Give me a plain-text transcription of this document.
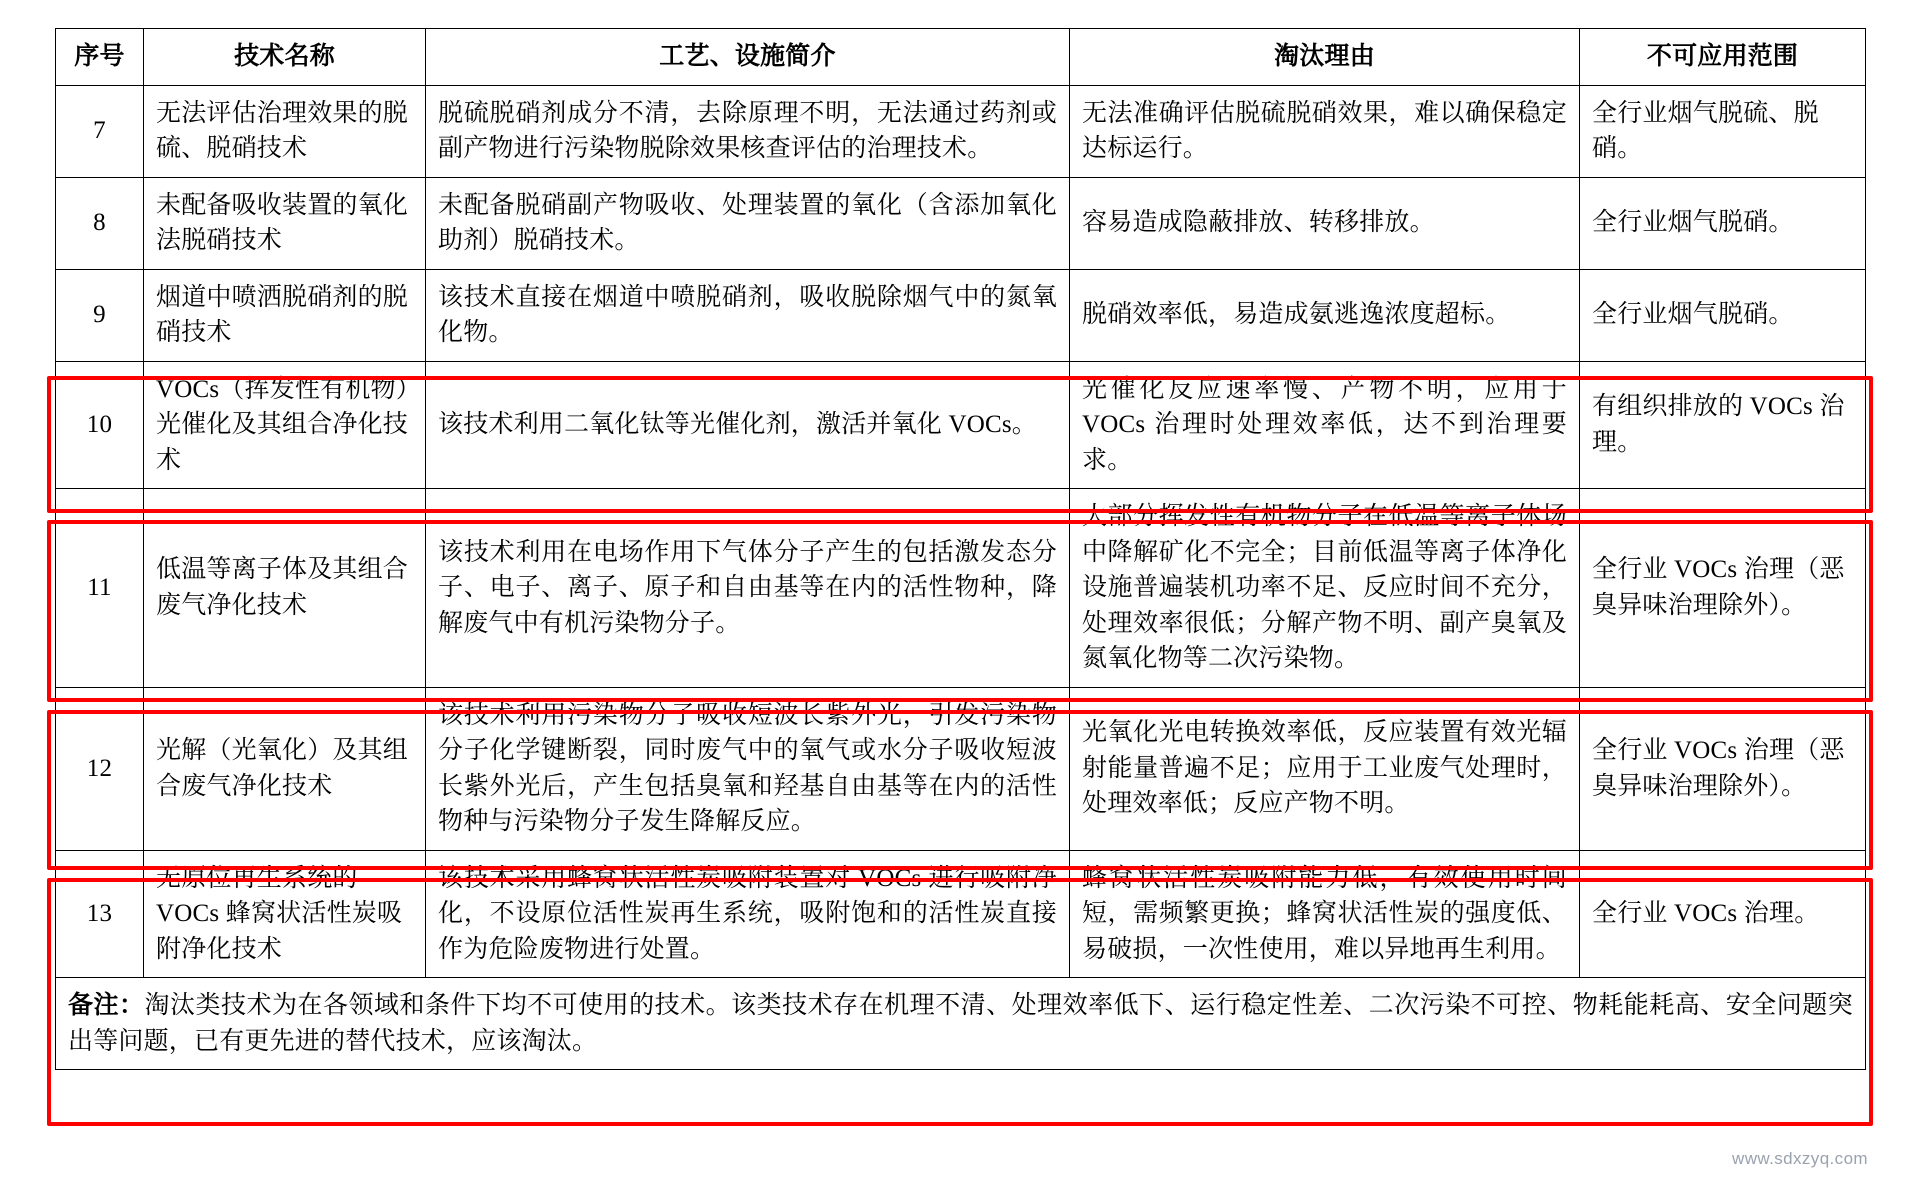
序号	技术名称	工艺、设施简介	淘汰理由	不可应用范围
7	无法评估治理效果的脱硫、脱硝技术	脱硫脱硝剂成分不清，去除原理不明，无法通过药剂或副产物进行污染物脱除效果核查评估的治理技术。	无法准确评估脱硫脱硝效果，难以确保稳定达标运行。	全行业烟气脱硫、脱硝。
8	未配备吸收装置的氧化法脱硝技术	未配备脱硝副产物吸收、处理装置的氧化（含添加氧化助剂）脱硝技术。	容易造成隐蔽排放、转移排放。	全行业烟气脱硝。
9	烟道中喷洒脱硝剂的脱硝技术	该技术直接在烟道中喷脱硝剂，吸收脱除烟气中的氮氧化物。	脱硝效率低，易造成氨逃逸浓度超标。	全行业烟气脱硝。
10	VOCs（挥发性有机物）光催化及其组合净化技术	该技术利用二氧化钛等光催化剂，激活并氧化 VOCs。	光催化反应速率慢、产物不明，应用于 VOCs 治理时处理效率低，达不到治理要求。	有组织排放的 VOCs 治理。
11	低温等离子体及其组合废气净化技术	该技术利用在电场作用下气体分子产生的包括激发态分子、电子、离子、原子和自由基等在内的活性物种，降解废气中有机污染物分子。	大部分挥发性有机物分子在低温等离子体场中降解矿化不完全；目前低温等离子体净化设施普遍装机功率不足、反应时间不充分，处理效率很低；分解产物不明、副产臭氧及氮氧化物等二次污染物。	全行业 VOCs 治理（恶臭异味治理除外）。
12	光解（光氧化）及其组合废气净化技术	该技术利用污染物分子吸收短波长紫外光，引发污染物分子化学键断裂，同时废气中的氧气或水分子吸收短波长紫外光后，产生包括臭氧和羟基自由基等在内的活性物种与污染物分子发生降解反应。	光氧化光电转换效率低，反应装置有效光辐射能量普遍不足；应用于工业废气处理时，处理效率低；反应产物不明。	全行业 VOCs 治理（恶臭异味治理除外）。
13	无原位再生系统的 VOCs 蜂窝状活性炭吸附净化技术	该技术采用蜂窝状活性炭吸附装置对 VOCs 进行吸附净化，不设原位活性炭再生系统，吸附饱和的活性炭直接作为危险废物进行处置。	蜂窝状活性炭吸附能力低，有效使用时间短，需频繁更换；蜂窝状活性炭的强度低、易破损，一次性使用，难以异地再生利用。	全行业 VOCs 治理。
备注：淘汰类技术为在各领域和条件下均不可使用的技术。该类技术存在机理不清、处理效率低下、运行稳定性差、二次污染不可控、物耗能耗高、安全问题突出等问题，已有更先进的替代技术，应该淘汰。				
www.sdxzyq.com
